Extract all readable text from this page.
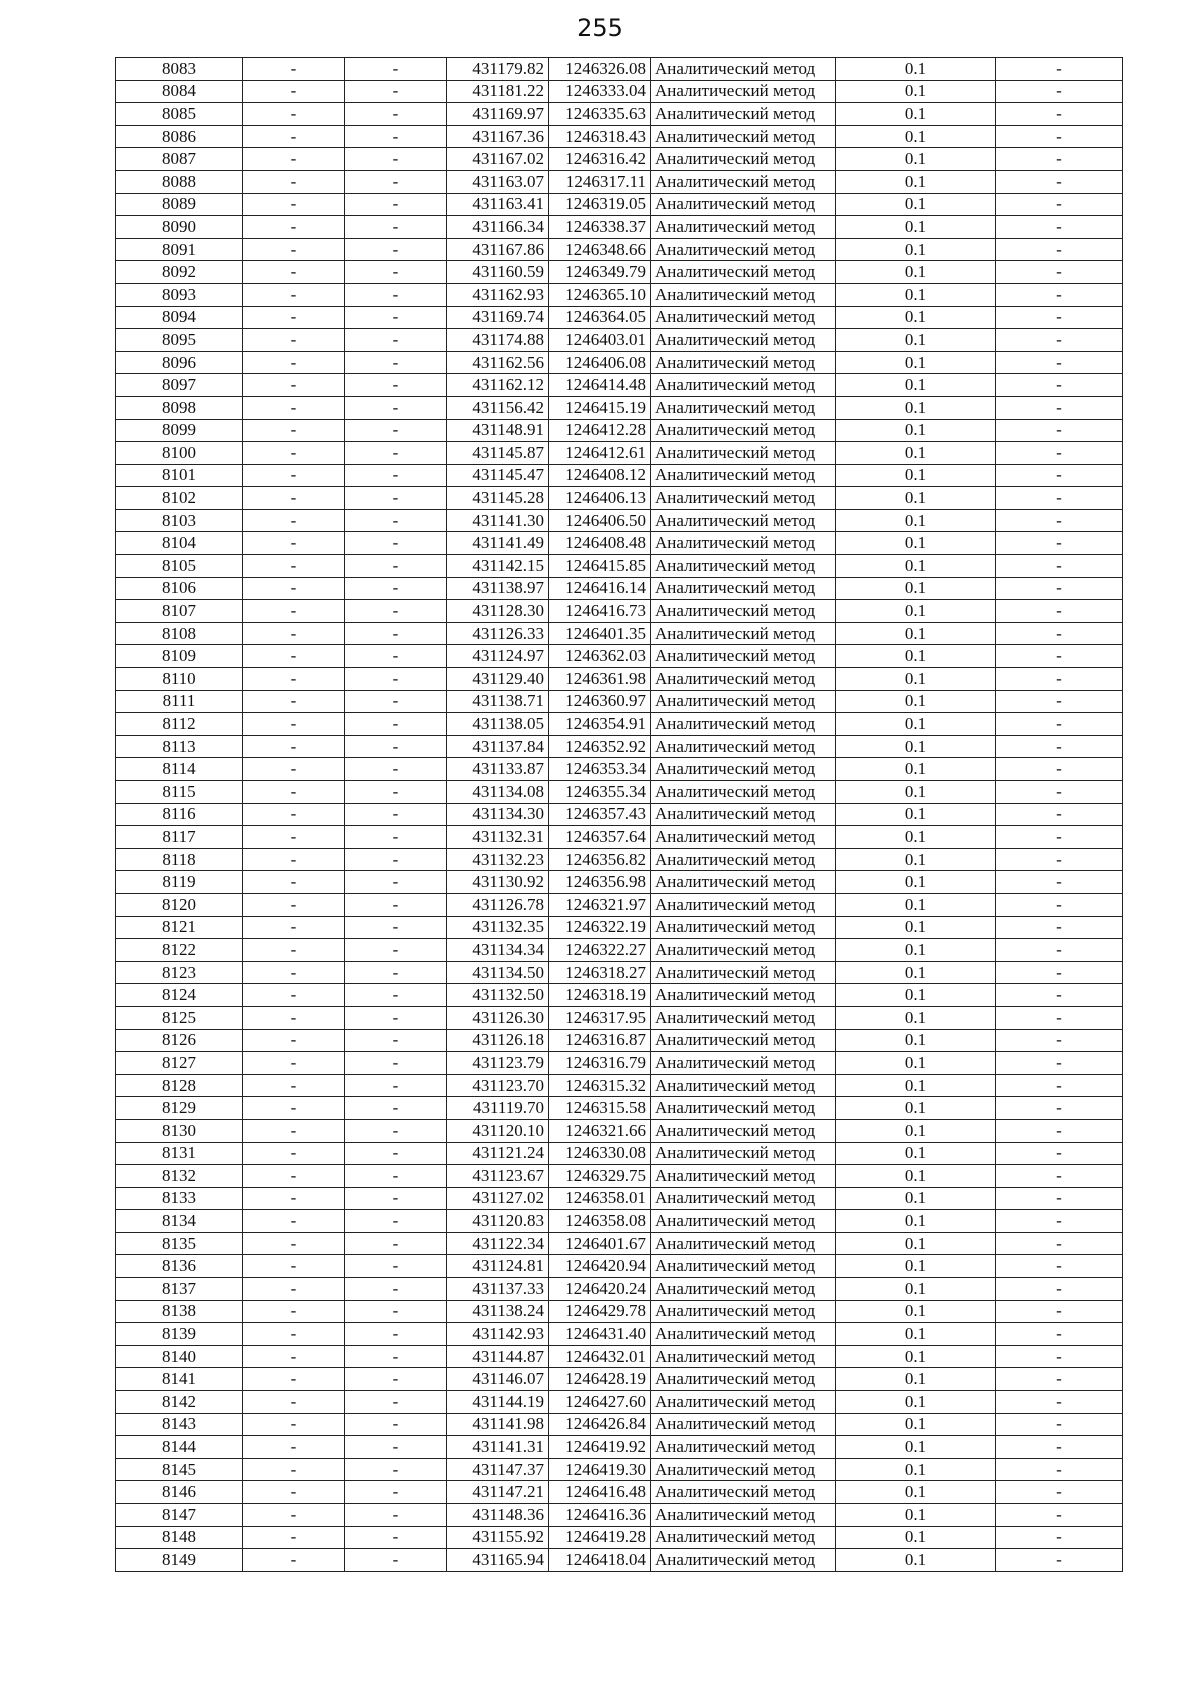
255
8083	-	-	431179.82	1246326.08	Аналитический метод	0.1	-
8084	-	-	431181.22	1246333.04	Аналитический метод	0.1	-
8085	-	-	431169.97	1246335.63	Аналитический метод	0.1	-
8086	-	-	431167.36	1246318.43	Аналитический метод	0.1	-
8087	-	-	431167.02	1246316.42	Аналитический метод	0.1	-
8088	-	-	431163.07	1246317.11	Аналитический метод	0.1	-
8089	-	-	431163.41	1246319.05	Аналитический метод	0.1	-
8090	-	-	431166.34	1246338.37	Аналитический метод	0.1	-
8091	-	-	431167.86	1246348.66	Аналитический метод	0.1	-
8092	-	-	431160.59	1246349.79	Аналитический метод	0.1	-
8093	-	-	431162.93	1246365.10	Аналитический метод	0.1	-
8094	-	-	431169.74	1246364.05	Аналитический метод	0.1	-
8095	-	-	431174.88	1246403.01	Аналитический метод	0.1	-
8096	-	-	431162.56	1246406.08	Аналитический метод	0.1	-
8097	-	-	431162.12	1246414.48	Аналитический метод	0.1	-
8098	-	-	431156.42	1246415.19	Аналитический метод	0.1	-
8099	-	-	431148.91	1246412.28	Аналитический метод	0.1	-
8100	-	-	431145.87	1246412.61	Аналитический метод	0.1	-
8101	-	-	431145.47	1246408.12	Аналитический метод	0.1	-
8102	-	-	431145.28	1246406.13	Аналитический метод	0.1	-
8103	-	-	431141.30	1246406.50	Аналитический метод	0.1	-
8104	-	-	431141.49	1246408.48	Аналитический метод	0.1	-
8105	-	-	431142.15	1246415.85	Аналитический метод	0.1	-
8106	-	-	431138.97	1246416.14	Аналитический метод	0.1	-
8107	-	-	431128.30	1246416.73	Аналитический метод	0.1	-
8108	-	-	431126.33	1246401.35	Аналитический метод	0.1	-
8109	-	-	431124.97	1246362.03	Аналитический метод	0.1	-
8110	-	-	431129.40	1246361.98	Аналитический метод	0.1	-
8111	-	-	431138.71	1246360.97	Аналитический метод	0.1	-
8112	-	-	431138.05	1246354.91	Аналитический метод	0.1	-
8113	-	-	431137.84	1246352.92	Аналитический метод	0.1	-
8114	-	-	431133.87	1246353.34	Аналитический метод	0.1	-
8115	-	-	431134.08	1246355.34	Аналитический метод	0.1	-
8116	-	-	431134.30	1246357.43	Аналитический метод	0.1	-
8117	-	-	431132.31	1246357.64	Аналитический метод	0.1	-
8118	-	-	431132.23	1246356.82	Аналитический метод	0.1	-
8119	-	-	431130.92	1246356.98	Аналитический метод	0.1	-
8120	-	-	431126.78	1246321.97	Аналитический метод	0.1	-
8121	-	-	431132.35	1246322.19	Аналитический метод	0.1	-
8122	-	-	431134.34	1246322.27	Аналитический метод	0.1	-
8123	-	-	431134.50	1246318.27	Аналитический метод	0.1	-
8124	-	-	431132.50	1246318.19	Аналитический метод	0.1	-
8125	-	-	431126.30	1246317.95	Аналитический метод	0.1	-
8126	-	-	431126.18	1246316.87	Аналитический метод	0.1	-
8127	-	-	431123.79	1246316.79	Аналитический метод	0.1	-
8128	-	-	431123.70	1246315.32	Аналитический метод	0.1	-
8129	-	-	431119.70	1246315.58	Аналитический метод	0.1	-
8130	-	-	431120.10	1246321.66	Аналитический метод	0.1	-
8131	-	-	431121.24	1246330.08	Аналитический метод	0.1	-
8132	-	-	431123.67	1246329.75	Аналитический метод	0.1	-
8133	-	-	431127.02	1246358.01	Аналитический метод	0.1	-
8134	-	-	431120.83	1246358.08	Аналитический метод	0.1	-
8135	-	-	431122.34	1246401.67	Аналитический метод	0.1	-
8136	-	-	431124.81	1246420.94	Аналитический метод	0.1	-
8137	-	-	431137.33	1246420.24	Аналитический метод	0.1	-
8138	-	-	431138.24	1246429.78	Аналитический метод	0.1	-
8139	-	-	431142.93	1246431.40	Аналитический метод	0.1	-
8140	-	-	431144.87	1246432.01	Аналитический метод	0.1	-
8141	-	-	431146.07	1246428.19	Аналитический метод	0.1	-
8142	-	-	431144.19	1246427.60	Аналитический метод	0.1	-
8143	-	-	431141.98	1246426.84	Аналитический метод	0.1	-
8144	-	-	431141.31	1246419.92	Аналитический метод	0.1	-
8145	-	-	431147.37	1246419.30	Аналитический метод	0.1	-
8146	-	-	431147.21	1246416.48	Аналитический метод	0.1	-
8147	-	-	431148.36	1246416.36	Аналитический метод	0.1	-
8148	-	-	431155.92	1246419.28	Аналитический метод	0.1	-
8149	-	-	431165.94	1246418.04	Аналитический метод	0.1	-
